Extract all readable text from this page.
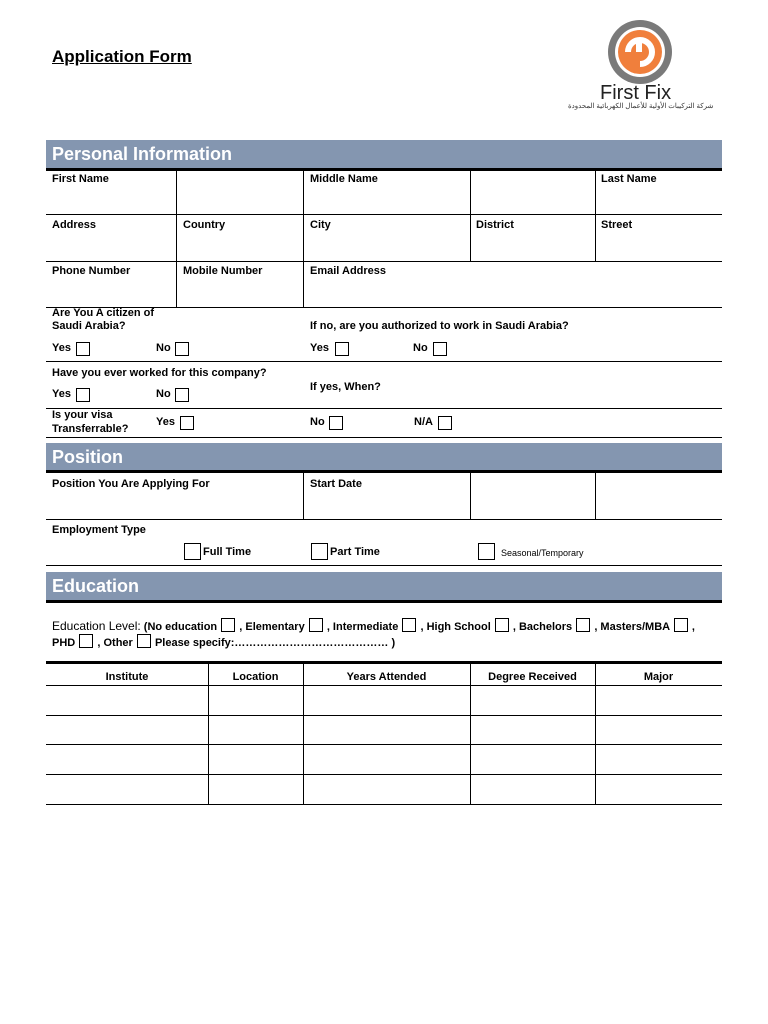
Application Form
First Fix
شركة التركيبات الأولية للأعمال الكهربائية المحدودة
Personal Information
First Name	Middle Name	Last Name
Address	Country	City	District	Street
Phone Number	Mobile Number	Email Address
Are You A citizen of
Saudi Arabia?	If no, are you authorized to work in Saudi Arabia?
Yes	No	Yes	No
Have you ever worked for this company?
If yes, When?
Yes	No
Is your visa
Transferrable?
Yes	No	N/A
Position
Position You Are Applying For	Start Date
Employment Type
Full Time	Part Time	Seasonal/Temporary
Education
Education Level: (No education , Elementary , Intermediate , High School , Bachelors , Masters/MBA ,
PHD , Other Please specify:…………………………………… )
Institute	Location	Years Attended	Degree Received	Major
